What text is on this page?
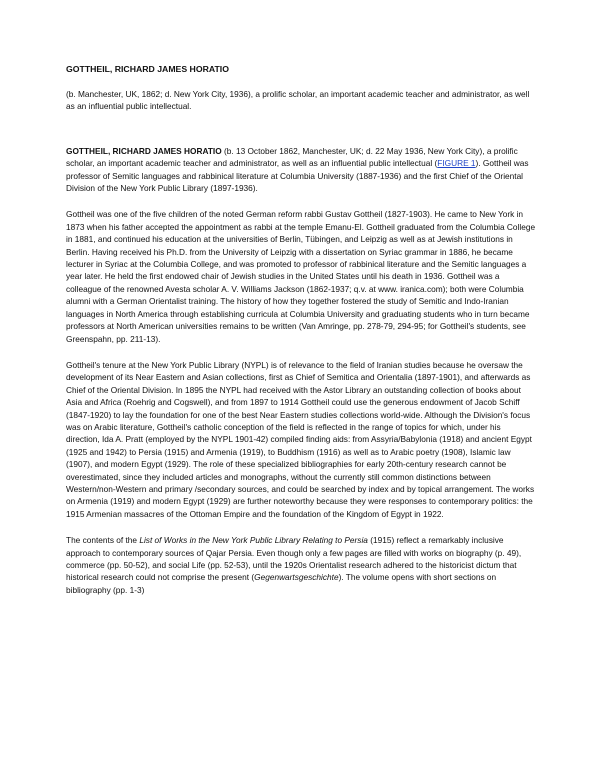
GOTTHEIL, RICHARD JAMES HORATIO

(b. Manchester, UK, 1862; d. New York City, 1936), a prolific scholar, an important academic teacher and administrator, as well as an influential public intellectual.

GOTTHEIL, RICHARD JAMES HORATIO (b. 13 October 1862, Manchester, UK; d. 22 May 1936, New York City), a prolific scholar, an important academic teacher and administrator, as well as an influential public intellectual (FIGURE 1). Gottheil was professor of Semitic languages and rabbinical literature at Columbia University (1887-1936) and the first Chief of the Oriental Division of the New York Public Library (1897-1936).

Gottheil was one of the five children of the noted German reform rabbi Gustav Gottheil (1827-1903). He came to New York in 1873 when his father accepted the appointment as rabbi at the temple Emanu-El. Gottheil graduated from the Columbia College in 1881, and continued his education at the universities of Berlin, Tübingen, and Leipzig as well as at Jewish institutions in Berlin. Having received his Ph.D. from the University of Leipzig with a dissertation on Syriac grammar in 1886, he became lecturer in Syriac at the Columbia College, and was promoted to professor of rabbinical literature and the Semitic languages a year later. He held the first endowed chair of Jewish studies in the United States until his death in 1936. Gottheil was a colleague of the renowned Avesta scholar A. V. Williams Jackson (1862-1937; q.v. at www. iranica.com); both were Columbia alumni with a German Orientalist training. The history of how they together fostered the study of Semitic and Indo-Iranian languages in North America through establishing curricula at Columbia University and graduating students who in turn became professors at North American universities remains to be written (Van Amringe, pp. 278-79, 294-95; for Gottheil's students, see Greenspahn, pp. 211-13).

Gottheil's tenure at the New York Public Library (NYPL) is of relevance to the field of Iranian studies because he oversaw the development of its Near Eastern and Asian collections, first as Chief of Semitica and Orientalia (1897-1901), and afterwards as Chief of the Oriental Division. In 1895 the NYPL had received with the Astor Library an outstanding collection of books about Asia and Africa (Roehrig and Cogswell), and from 1897 to 1914 Gottheil could use the generous endowment of Jacob Schiff (1847-1920) to lay the foundation for one of the best Near Eastern studies collections world-wide. Although the Division's focus was on Arabic literature, Gottheil's catholic conception of the field is reflected in the range of topics for which, under his direction, Ida A. Pratt (employed by the NYPL 1901-42) compiled finding aids: from Assyria/Babylonia (1918) and ancient Egypt (1925 and 1942) to Persia (1915) and Armenia (1919), to Buddhism (1916) as well as to Arabic poetry (1908), Islamic law (1907), and modern Egypt (1929). The role of these specialized bibliographies for early 20th-century research cannot be overestimated, since they included articles and monographs, without the currently still common distinctions between Western/non-Western and primary /secondary sources, and could be searched by index and by topical arrangement. The works on Armenia (1919) and modern Egypt (1929) are further noteworthy because they were responses to contemporary politics: the 1915 Armenian massacres of the Ottoman Empire and the foundation of the Kingdom of Egypt in 1922.

The contents of the List of Works in the New York Public Library Relating to Persia (1915) reflect a remarkably inclusive approach to contemporary sources of Qajar Persia. Even though only a few pages are filled with works on biography (p. 49), commerce (pp. 50-52), and social Life (pp. 52-53), until the 1920s Orientalist research adhered to the historicist dictum that historical research could not comprise the present (Gegenwartsgeschichte). The volume opens with short sections on bibliography (pp. 1-3)
